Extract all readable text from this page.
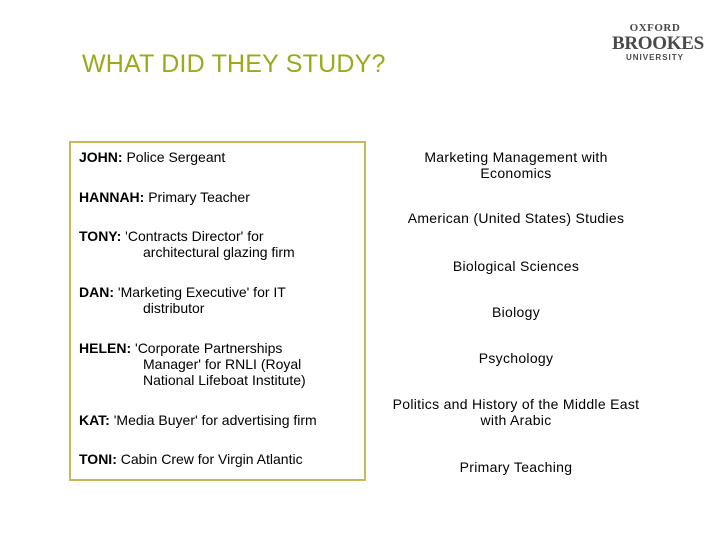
WHAT DID THEY STUDY?
OXFORD
BROOKES
UNIVERSITY
JOHN: Police Sergeant
HANNAH: Primary Teacher
TONY: 'Contracts Director' for
architectural glazing firm
DAN: 'Marketing Executive' for IT
distributor
HELEN: 'Corporate Partnerships
Manager' for RNLI (Royal
National Lifeboat Institute)
KAT: 'Media Buyer' for advertising firm
TONI: Cabin Crew for Virgin Atlantic
Marketing Management with
Economics
American (United States) Studies
Biological Sciences
Biology
Psychology
Politics and History of the Middle East
with Arabic
Primary Teaching
